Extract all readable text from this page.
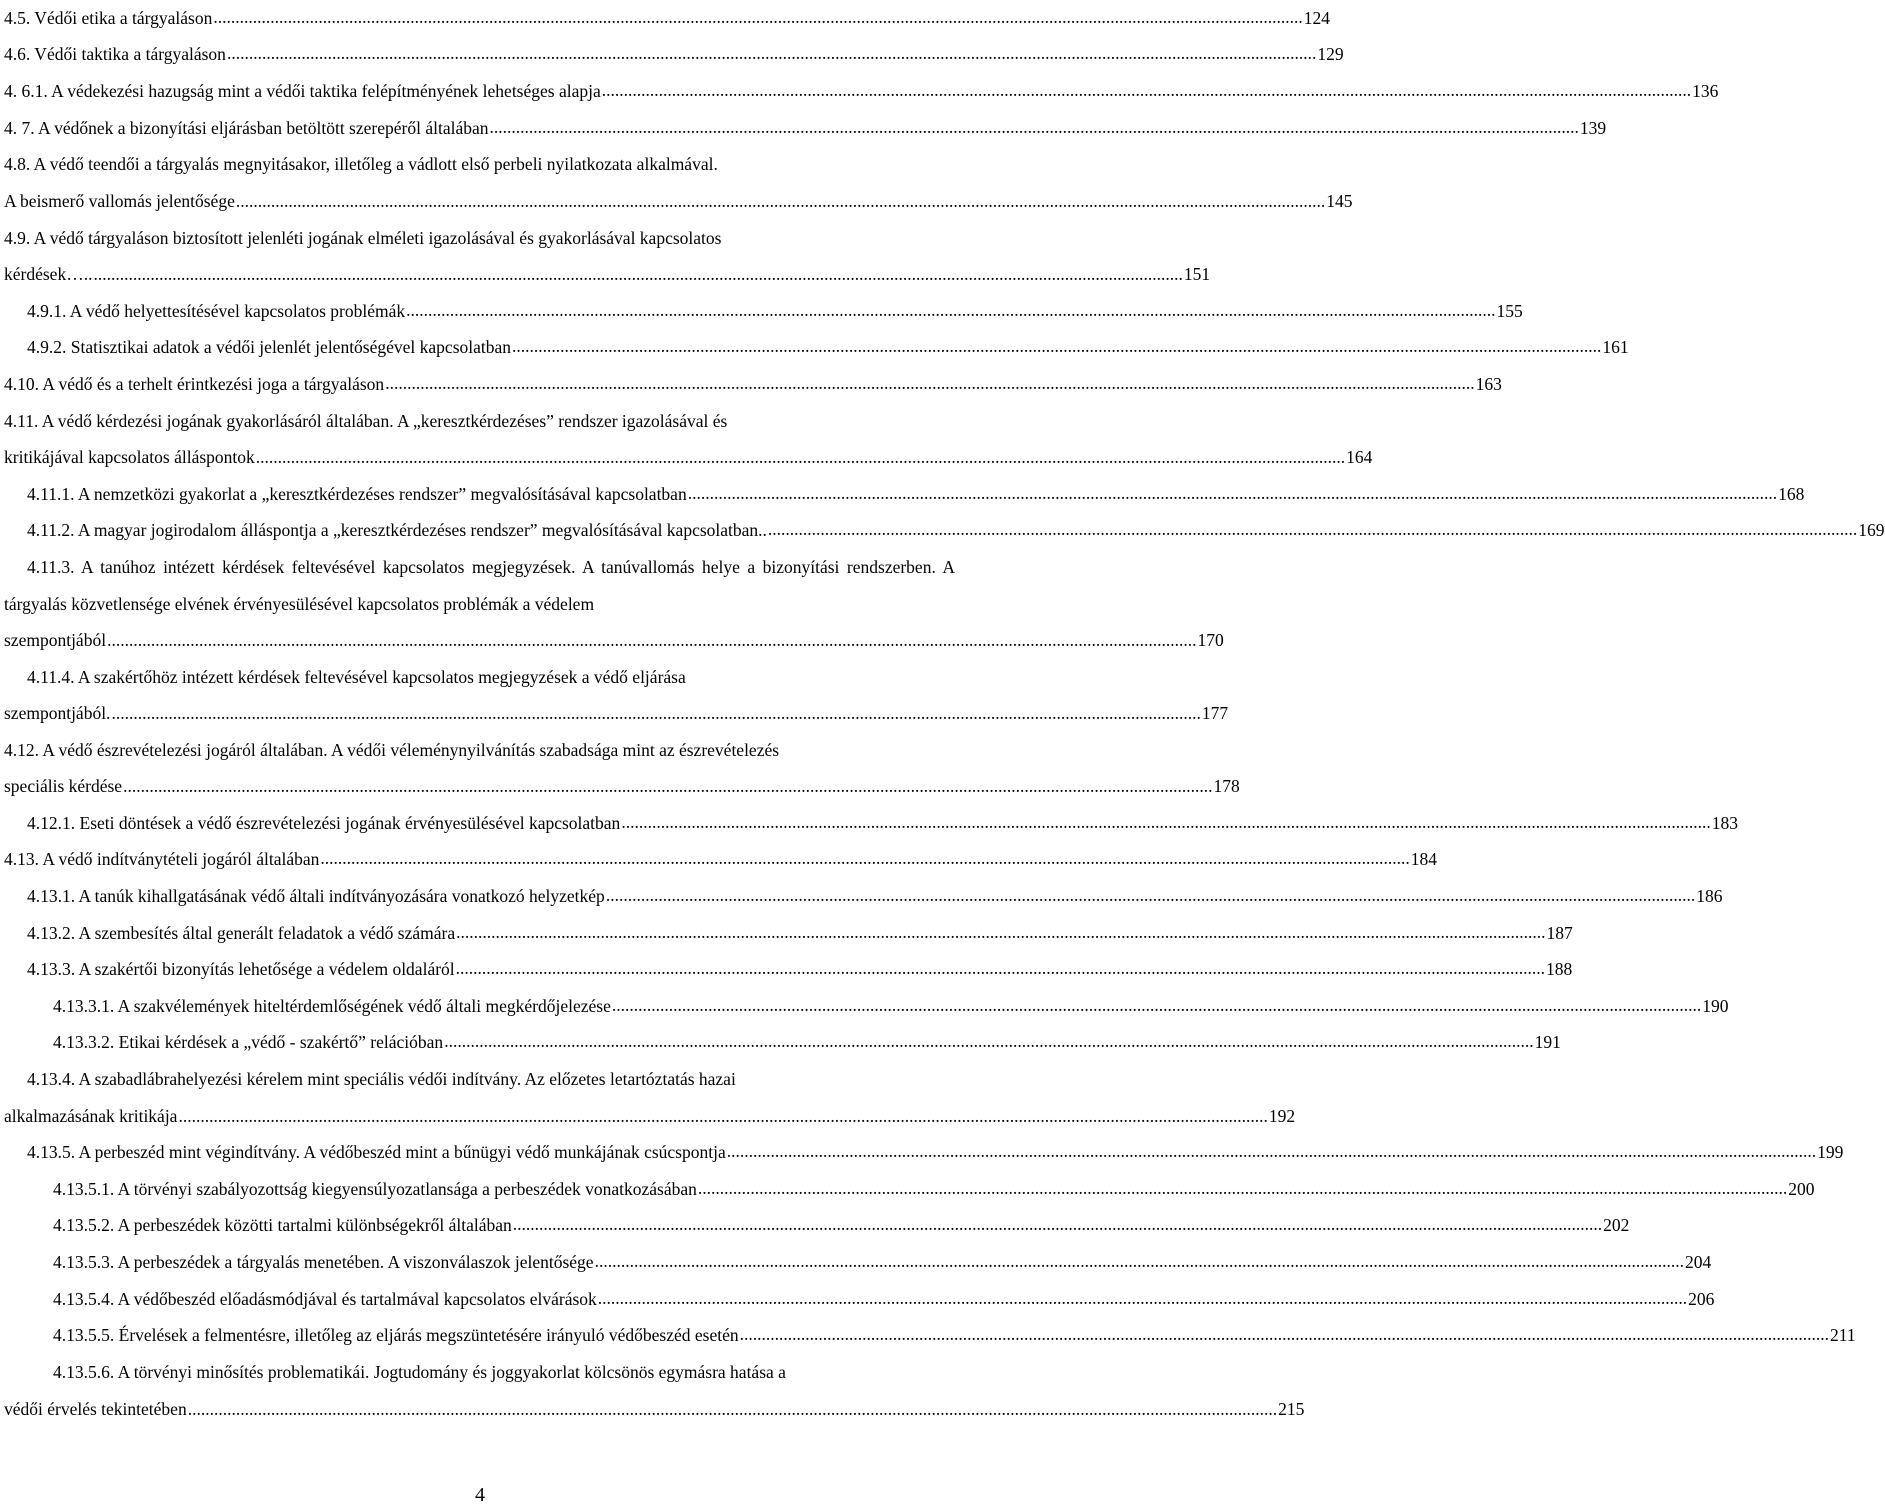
4.5. Védői etika a tárgyaláson .....	124
4.6. Védői taktika a tárgyaláson .....	129
4. 6.1. A védekezési hazugság mint a védői taktika felépítményének lehetséges alapja .....	136
4. 7. A védőnek a bizonyítási eljárásban betöltött szerepéről általában .....	139
4.8. A védő teendői a tárgyalás megnyitásakor, illetőleg a vádlott első perbeli nyilatkozata alkalmával.
A beismerő vallomás jelentősége .....	145
4.9. A védő tárgyaláson biztosított jelenléti jogának elméleti igazolásával és gyakorlásával kapcsolatos
kérdések….. .....	151
4.9.1. A védő helyettesítésével kapcsolatos problémák .....	155
4.9.2. Statisztikai adatok a védői jelenlét jelentőségével kapcsolatban .....	161
4.10. A védő és a terhelt érintkezési joga a tárgyaláson .....	163
4.11. A védő kérdezési jogának gyakorlásáról általában. A „keresztkérdezéses” rendszer igazolásával és
kritikájával kapcsolatos álláspontok .....	164
4.11.1. A nemzetközi gyakorlat a „keresztkérdezéses rendszer” megvalósításával kapcsolatban .....	168
4.11.2. A magyar jogirodalom álláspontja a „keresztkérdezéses rendszer” megvalósításával kapcsolatban.. .....	169
4.11.3. A tanúhoz intézett kérdések feltevésével kapcsolatos megjegyzések. A tanúvallomás helye a bizonyítási rendszerben. A tárgyalás közvetlensége elvének érvényesülésével kapcsolatos problémák a védelem
szempontjából .....	170
4.11.4. A szakértőhöz intézett kérdések feltevésével kapcsolatos megjegyzések a védő eljárása
szempontjából. .....	177
4.12. A védő észrevételezési jogáról általában. A védői véleménynyilvánítás szabadsága mint az észrevételezés
speciális kérdése .....	178
4.12.1. Eseti döntések a védő észrevételezési jogának érvényesülésével kapcsolatban .....	183
4.13. A védő indítványtételi jogáról általában .....	184
4.13.1. A tanúk kihallgatásának védő általi indítványozására vonatkozó helyzetkép .....	186
4.13.2. A szembesítés által generált feladatok a védő számára .....	187
4.13.3. A szakértői bizonyítás lehetősége a védelem oldaláról .....	188
4.13.3.1. A szakvélemények hiteltérdemlőségének védő általi megkérdőjelezése .....	190
4.13.3.2. Etikai kérdések a „védő - szakértő” relációban .....	191
4.13.4. A szabadlábrahelyezési kérelem mint speciális védői indítvány. Az előzetes letartóztatás hazai
alkalmazásának kritikája .....	192
4.13.5. A perbeszéd mint végindítvány. A védőbeszéd mint a bűnügyi védő munkájának csúcspontja .....	199
4.13.5.1. A törvényi szabályozottság kiegyensúlyozatlansága a perbeszédek vonatkozásában .....	200
4.13.5.2. A perbeszédek közötti tartalmi különbségekről általában .....	202
4.13.5.3. A perbeszédek a tárgyalás menetében. A viszonválaszok jelentősége .....	204
4.13.5.4. A védőbeszéd előadásmódjával és tartalmával kapcsolatos elvárások .....	206
4.13.5.5. Érvelések a felmentésre, illetőleg az eljárás megszüntetésére irányuló védőbeszéd esetén .....	211
4.13.5.6. A törvényi minősítés problematikái. Jogtudomány és joggyakorlat kölcsönös egymásra hatása a
védői érvelés tekintetében .....	215
4
